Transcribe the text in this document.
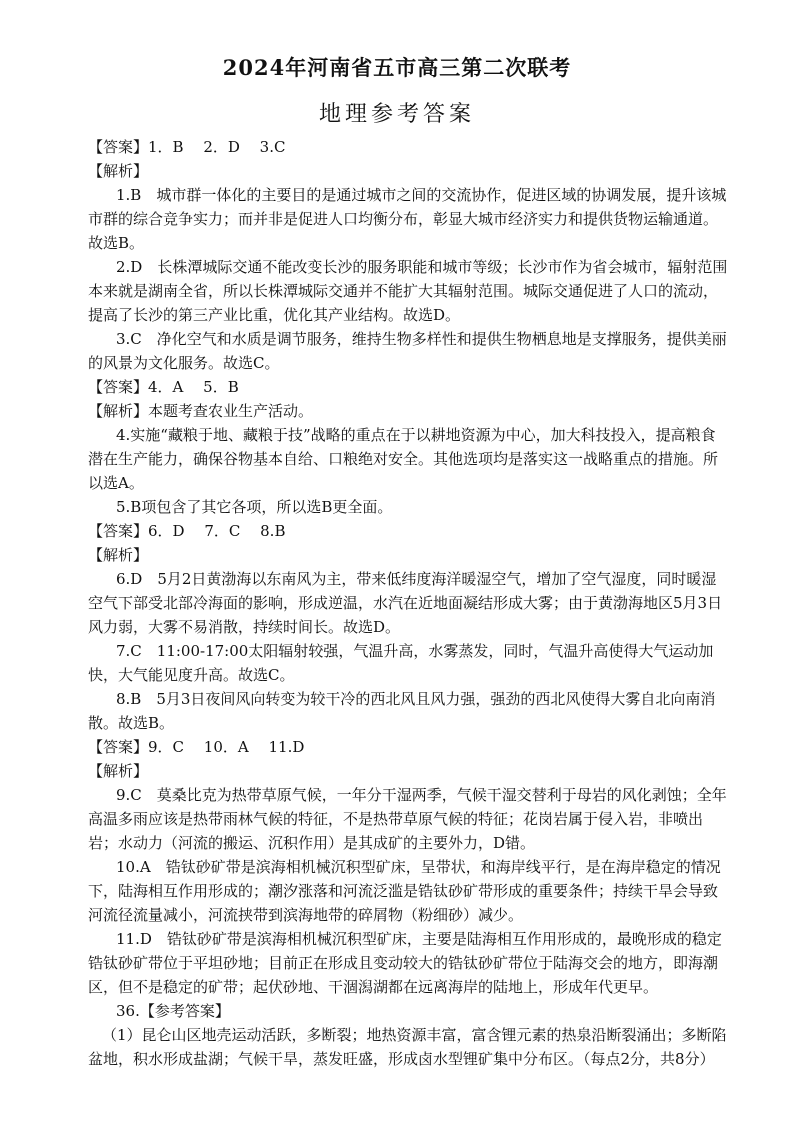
2024年河南省五市高三第二次联考
地理参考答案

【答案】1．B　 2．D　 3.C

【解析】

1.B　城市群一体化的主要目的是通过城市之间的交流协作，促进区域的协调发展，提升该城市群的综合竞争实力；而并非是促进人口均衡分布，彰显大城市经济实力和提供货物运输通道。故选B。

2.D　长株潭城际交通不能改变长沙的服务职能和城市等级；长沙市作为省会城市，辐射范围本来就是湖南全省，所以长株潭城际交通并不能扩大其辐射范围。城际交通促进了人口的流动，提高了长沙的第三产业比重，优化其产业结构。故选D。

3.C　净化空气和水质是调节服务，维持生物多样性和提供生物栖息地是支撑服务，提供美丽的风景为文化服务。故选C。

【答案】4．A　 5．B

【解析】本题考查农业生产活动。

4.实施“藏粮于地、藏粮于技”战略的重点在于以耕地资源为中心，加大科技投入，提高粮食潜在生产能力，确保谷物基本自给、口粮绝对安全。其他选项均是落实这一战略重点的措施。所以选A。

5.B项包含了其它各项，所以选B更全面。

【答案】6．D　 7．C　 8.B

【解析】

6.D　5月2日黄渤海以东南风为主，带来低纬度海洋暖湿空气，增加了空气湿度，同时暖湿空气下部受北部冷海面的影响，形成逆温，水汽在近地面凝结形成大雾；由于黄渤海地区5月3日风力弱，大雾不易消散，持续时间长。故选D。

7.C　11:00-17:00太阳辐射较强，气温升高，水雾蒸发，同时，气温升高使得大气运动加快，大气能见度升高。故选C。

8.B　5月3日夜间风向转变为较干冷的西北风且风力强，强劲的西北风使得大雾自北向南消散。故选B。

【答案】9．C　 10．A　 11.D

【解析】

9.C　莫桑比克为热带草原气候，一年分干湿两季，气候干湿交替利于母岩的风化剥蚀；全年高温多雨应该是热带雨林气候的特征，不是热带草原气候的特征；花岗岩属于侵入岩，非喷出岩；水动力（河流的搬运、沉积作用）是其成矿的主要外力，D错。

10.A　锆钛砂矿带是滨海相机械沉积型矿床，呈带状，和海岸线平行，是在海岸稳定的情况下，陆海相互作用形成的；潮汐涨落和河流泛滥是锆钛砂矿带形成的重要条件；持续干旱会导致河流径流量减小，河流挟带到滨海地带的碎屑物（粉细砂）减少。

11.D　锆钛砂矿带是滨海相机械沉积型矿床，主要是陆海相互作用形成的，最晚形成的稳定锆钛砂矿带位于平坦砂地；目前正在形成且变动较大的锆钛砂矿带位于陆海交会的地方，即海潮区，但不是稳定的矿带；起伏砂地、干涸潟湖都在远离海岸的陆地上，形成年代更早。

36.【参考答案】

（1）昆仑山区地壳运动活跃，多断裂；地热资源丰富，富含锂元素的热泉沿断裂涌出；多断陷盆地，积水形成盐湖；气候干旱，蒸发旺盛，形成卤水型锂矿集中分布区。（每点2分，共8分）
